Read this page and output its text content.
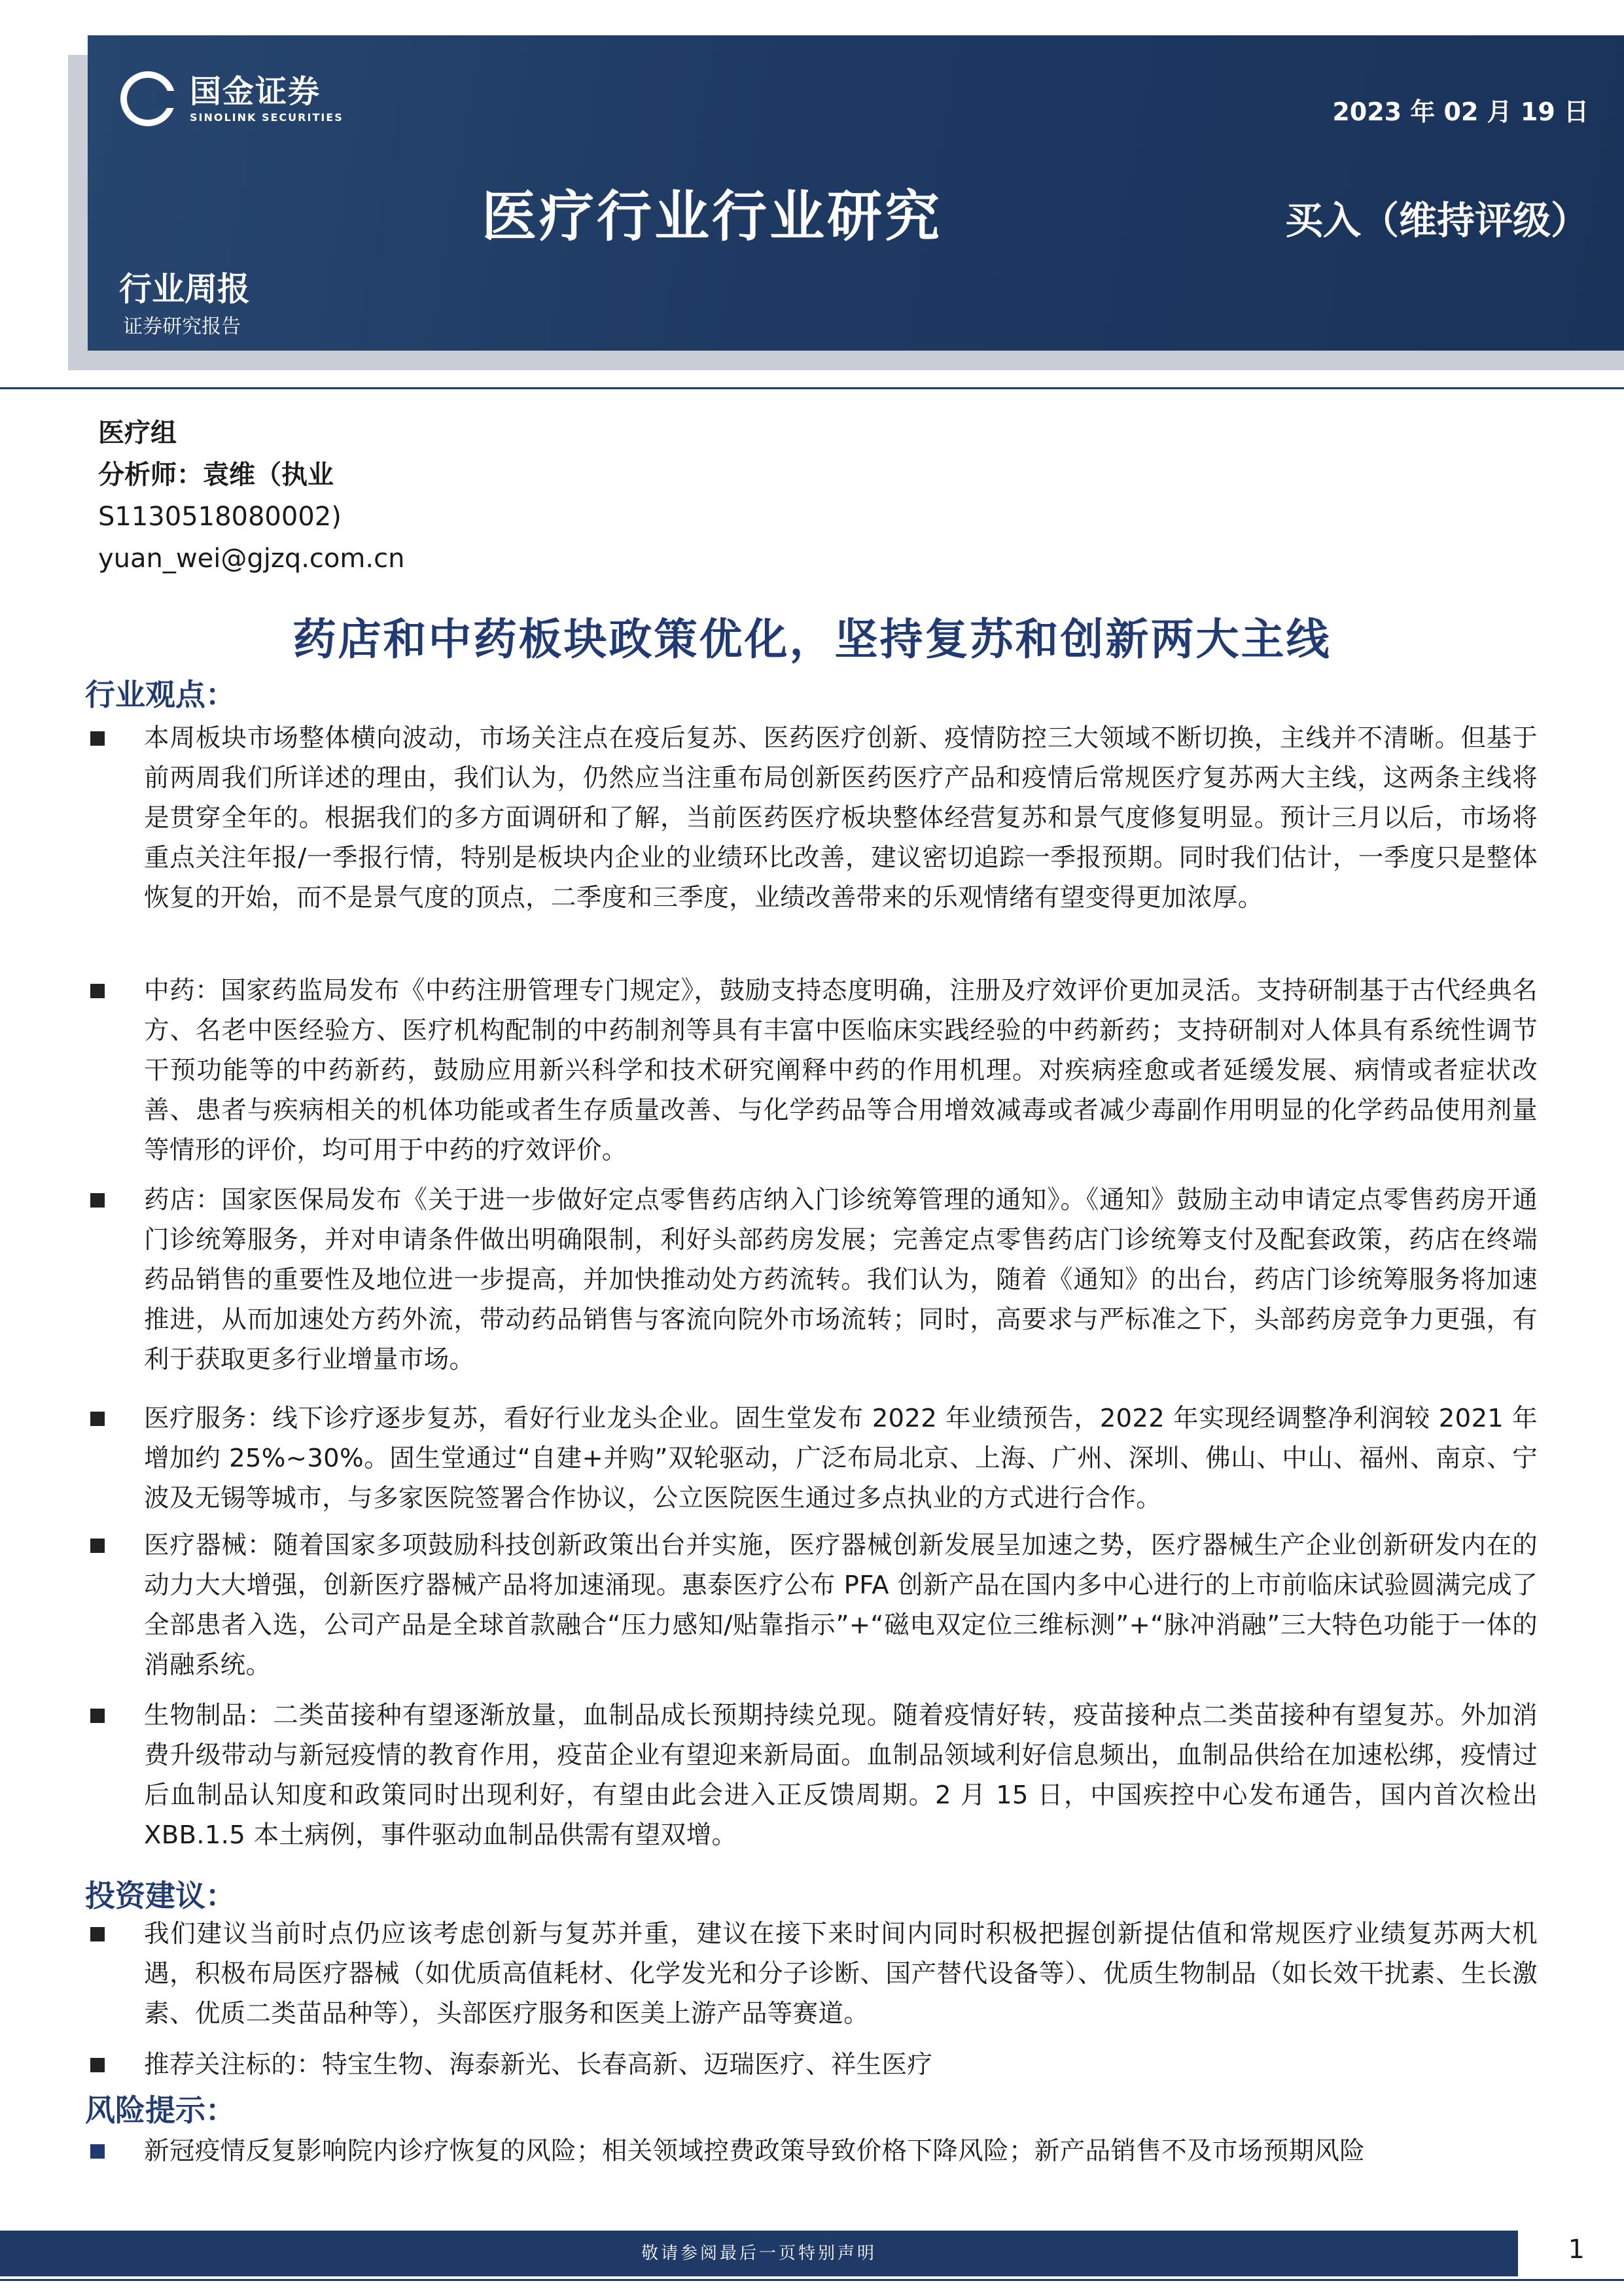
国金证券
SINOLINK SECURITIES	2023 年 02 月 19 日
医疗行业行业研究	买入（维持评级）
行业周报
证券研究报告
医疗组
分析师：袁维（执业
S1130518080002)
yuan_wei@gjzq.com.cn
药店和中药板块政策优化，坚持复苏和创新两大主线
行业观点：
本周板块市场整体横向波动，市场关注点在疫后复苏、医药医疗创新、疫情防控三大领域不断切换，主线并不清晰。但基于前两周我们所详述的理由，我们认为，仍然应当注重布局创新医药医疗产品和疫情后常规医疗复苏两大主线，这两条主线将是贯穿全年的。根据我们的多方面调研和了解，当前医药医疗板块整体经营复苏和景气度修复明显。预计三月以后，市场将重点关注年报/一季报行情，特别是板块内企业的业绩环比改善，建议密切追踪一季报预期。同时我们估计，一季度只是整体恢复的开始，而不是景气度的顶点，二季度和三季度，业绩改善带来的乐观情绪有望变得更加浓厚。
中药：国家药监局发布《中药注册管理专门规定》，鼓励支持态度明确，注册及疗效评价更加灵活。支持研制基于古代经典名方、名老中医经验方、医疗机构配制的中药制剂等具有丰富中医临床实践经验的中药新药；支持研制对人体具有系统性调节干预功能等的中药新药，鼓励应用新兴科学和技术研究阐释中药的作用机理。对疾病痊愈或者延缓发展、病情或者症状改善、患者与疾病相关的机体功能或者生存质量改善、与化学药品等合用增效减毒或者减少毒副作用明显的化学药品使用剂量等情形的评价，均可用于中药的疗效评价。
药店：国家医保局发布《关于进一步做好定点零售药店纳入门诊统筹管理的通知》。《通知》鼓励主动申请定点零售药房开通门诊统筹服务，并对申请条件做出明确限制，利好头部药房发展；完善定点零售药店门诊统筹支付及配套政策，药店在终端药品销售的重要性及地位进一步提高，并加快推动处方药流转。我们认为，随着《通知》的出台，药店门诊统筹服务将加速推进，从而加速处方药外流，带动药品销售与客流向院外市场流转；同时，高要求与严标准之下，头部药房竞争力更强，有利于获取更多行业增量市场。
医疗服务：线下诊疗逐步复苏，看好行业龙头企业。固生堂发布 2022 年业绩预告，2022 年实现经调整净利润较 2021 年增加约 25%~30%。固生堂通过“自建+并购”双轮驱动，广泛布局北京、上海、广州、深圳、佛山、中山、福州、南京、宁波及无锡等城市，与多家医院签署合作协议，公立医院医生通过多点执业的方式进行合作。
医疗器械：随着国家多项鼓励科技创新政策出台并实施，医疗器械创新发展呈加速之势，医疗器械生产企业创新研发内在的动力大大增强，创新医疗器械产品将加速涌现。惠泰医疗公布 PFA 创新产品在国内多中心进行的上市前临床试验圆满完成了全部患者入选，公司产品是全球首款融合“压力感知/贴靠指示”+“磁电双定位三维标测”+“脉冲消融”三大特色功能于一体的消融系统。
生物制品：二类苗接种有望逐渐放量，血制品成长预期持续兑现。随着疫情好转，疫苗接种点二类苗接种有望复苏。外加消费升级带动与新冠疫情的教育作用，疫苗企业有望迎来新局面。血制品领域利好信息频出，血制品供给在加速松绑，疫情过后血制品认知度和政策同时出现利好，有望由此会进入正反馈周期。2 月 15 日，中国疾控中心发布通告，国内首次检出 XBB.1.5 本土病例，事件驱动血制品供需有望双增。
投资建议：
我们建议当前时点仍应该考虑创新与复苏并重，建议在接下来时间内同时积极把握创新提估值和常规医疗业绩复苏两大机遇，积极布局医疗器械（如优质高值耗材、化学发光和分子诊断、国产替代设备等）、优质生物制品（如长效干扰素、生长激素、优质二类苗品种等），头部医疗服务和医美上游产品等赛道。
推荐关注标的：特宝生物、海泰新光、长春高新、迈瑞医疗、祥生医疗
风险提示：
新冠疫情反复影响院内诊疗恢复的风险；相关领域控费政策导致价格下降风险；新产品销售不及市场预期风险
敬请参阅最后一页特别声明	1
